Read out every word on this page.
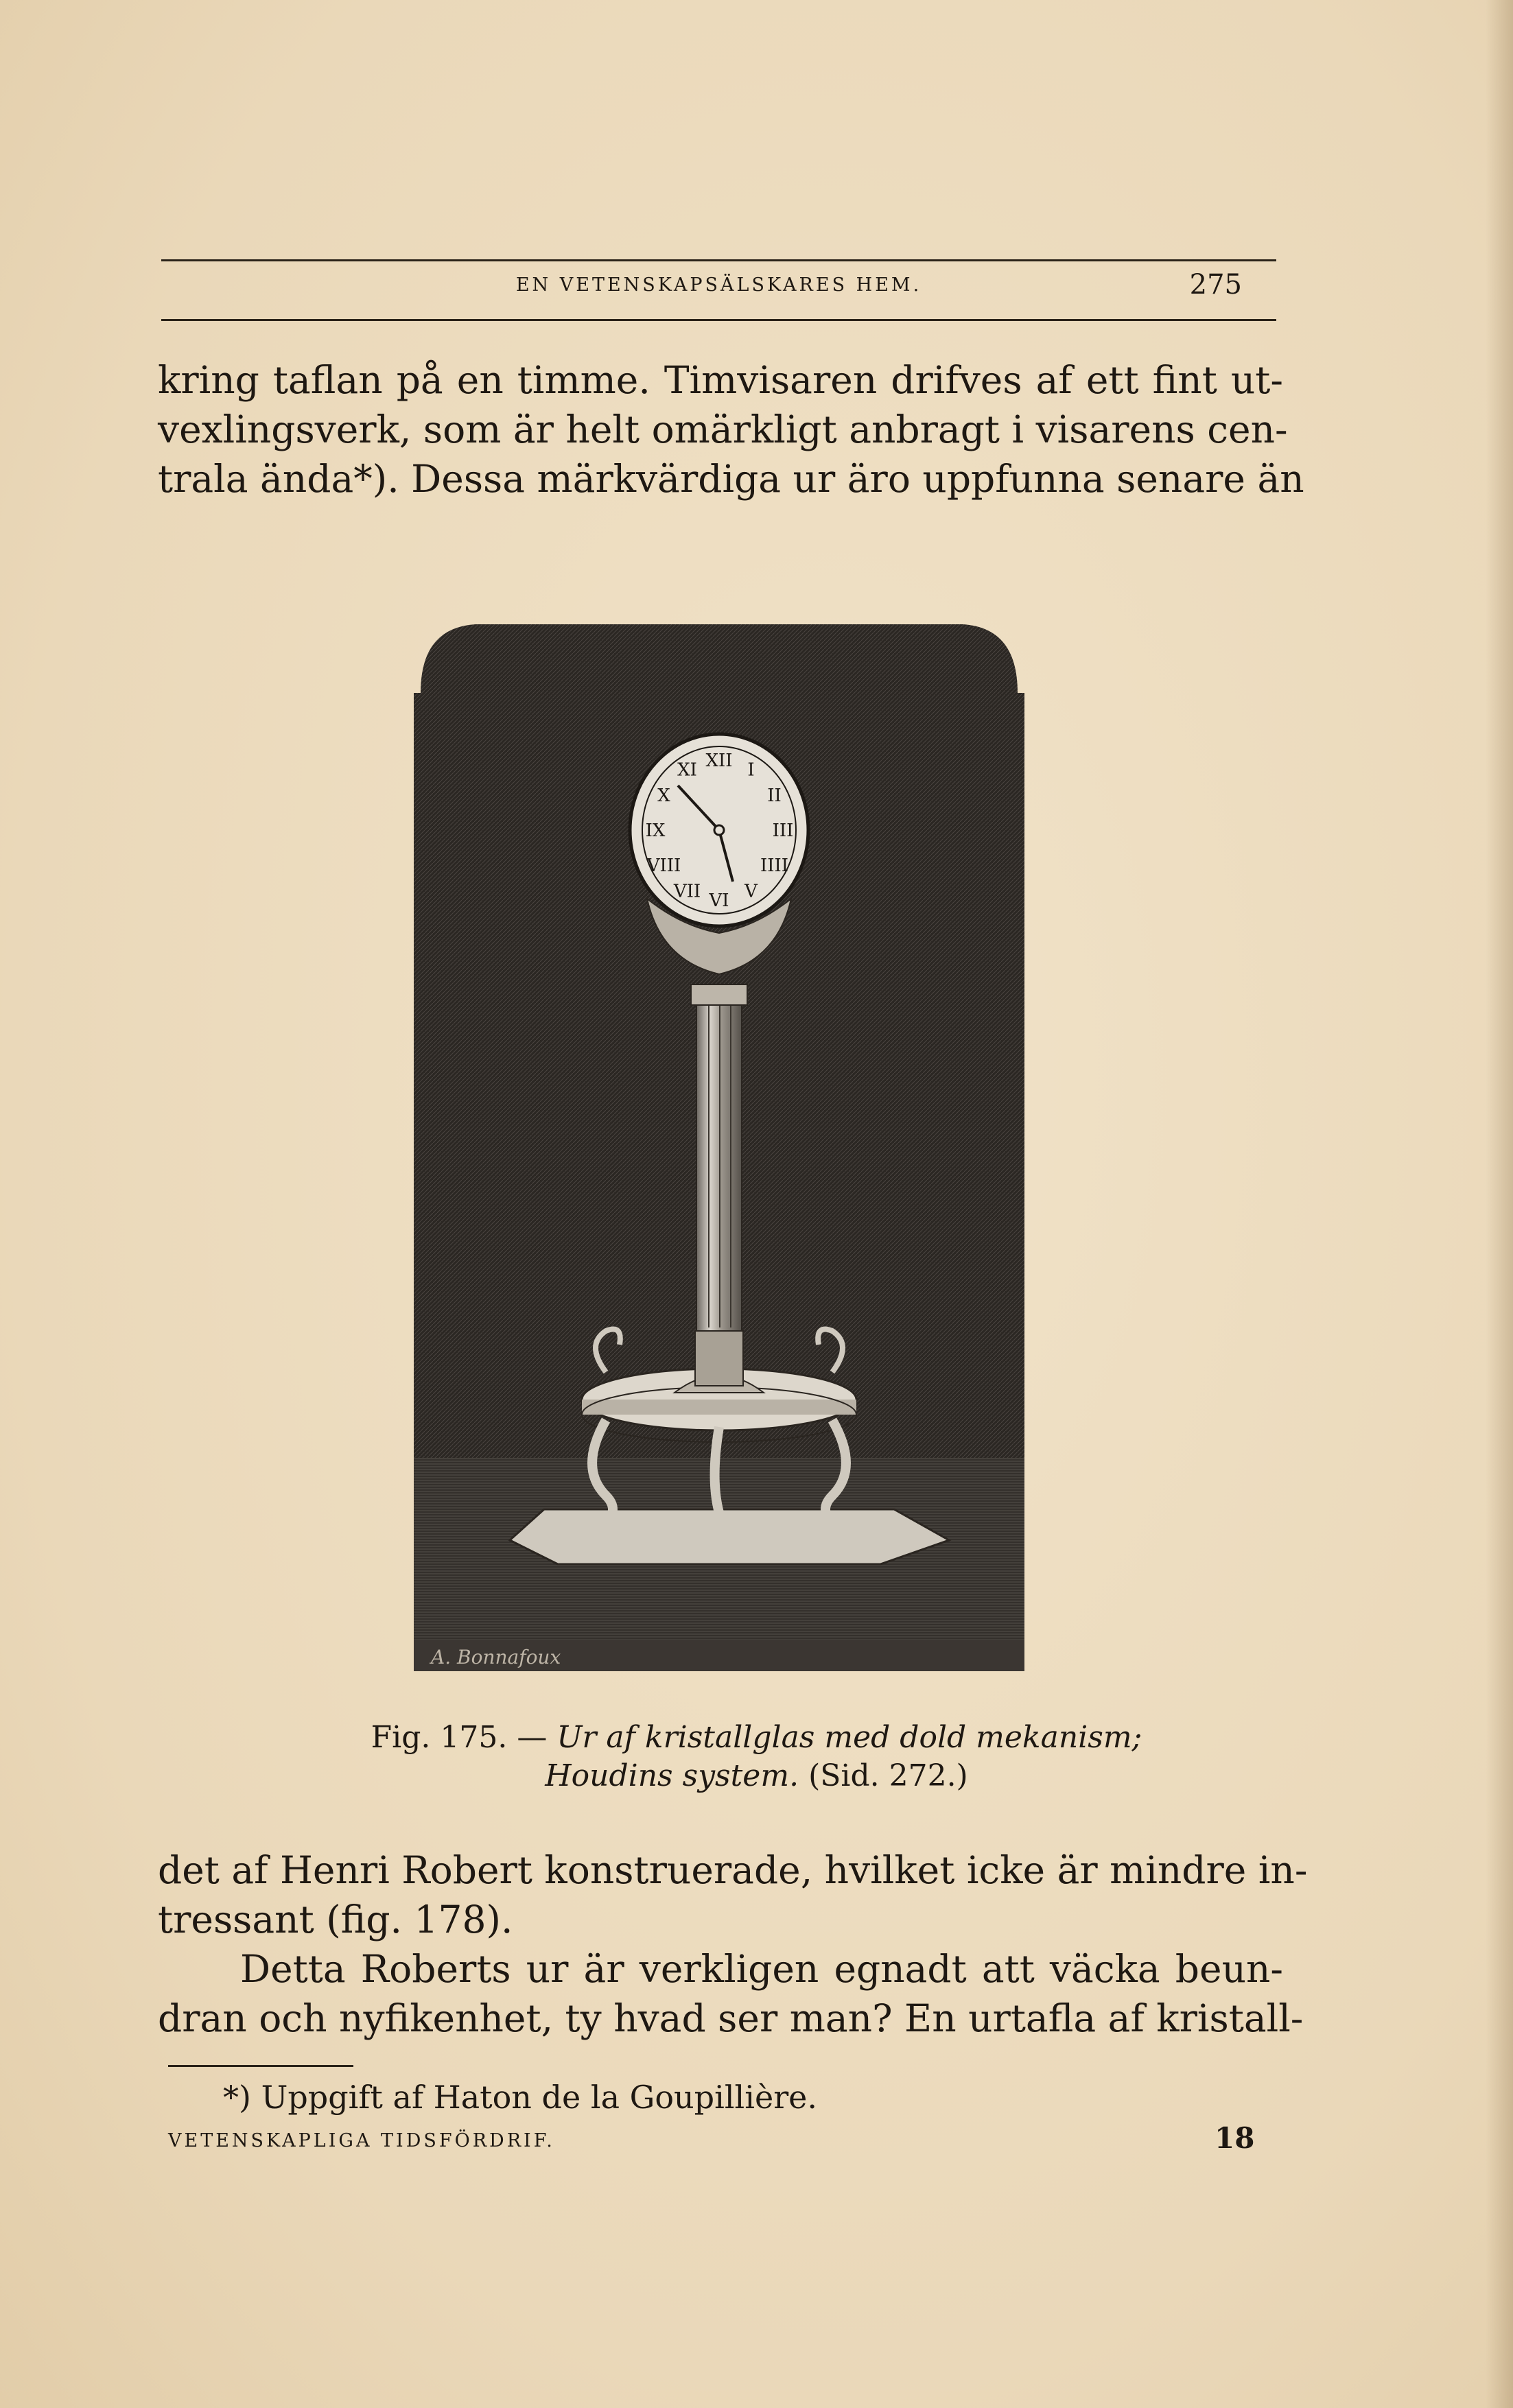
EN VETENSKAPSÄLSKARES HEM.	275
kring taflan på en timme. Timvisaren drifves af ett fint ut-
vexlingsverk, som är helt omärkligt anbragt i visarens cen-
trala ända*). Dessa märkvärdiga ur äro uppfunna senare än
A. Bonnafoux
XII I
II
III
IIII
V
VI
VII
VIII
IX
X
XI
Fig. 175. — Ur af kristallglas med dold mekanism;
Houdins system. (Sid. 272.)
det af Henri Robert konstruerade, hvilket icke är mindre in-
tressant (fig. 178).
Detta Roberts ur är verkligen egnadt att väcka beun-
dran och nyfikenhet, ty hvad ser man? En urtafla af kristall-
*) Uppgift af Haton de la Goupillière.
VETENSKAPLIGA TIDSFÖRDRIF.	18
